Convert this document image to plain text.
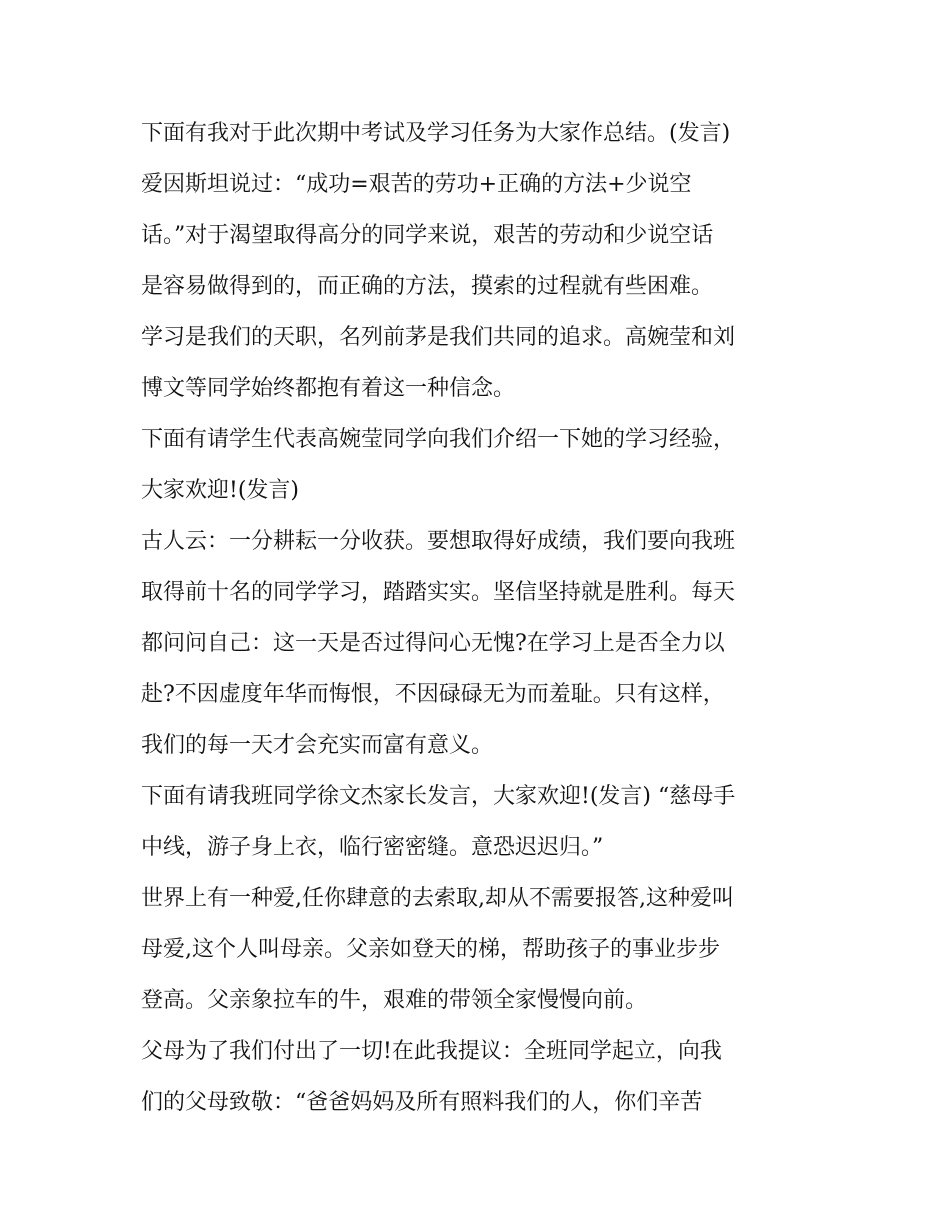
下面有我对于此次期中考试及学习任务为大家作总结。(发言)
爱因斯坦说过：“成功=艰苦的劳功+正确的方法+少说空
话。”对于渴望取得高分的同学来说，艰苦的劳动和少说空话
是容易做得到的，而正确的方法，摸索的过程就有些困难。
学习是我们的天职，名列前茅是我们共同的追求。高婉莹和刘
博文等同学始终都抱有着这一种信念。
下面有请学生代表高婉莹同学向我们介绍一下她的学习经验，
大家欢迎!(发言)
古人云：一分耕耘一分收获。要想取得好成绩，我们要向我班
取得前十名的同学学习，踏踏实实。坚信坚持就是胜利。每天
都问问自己：这一天是否过得问心无愧?在学习上是否全力以
赴?不因虚度年华而悔恨，不因碌碌无为而羞耻。只有这样，
我们的每一天才会充实而富有意义。
下面有请我班同学徐文杰家长发言，大家欢迎!(发言) “慈母手
中线，游子身上衣，临行密密缝。意恐迟迟归。”
世界上有一种爱,任你肆意的去索取,却从不需要报答,这种爱叫
母爱,这个人叫母亲。父亲如登天的梯，帮助孩子的事业步步
登高。父亲象拉车的牛，艰难的带领全家慢慢向前。
父母为了我们付出了一切!在此我提议：全班同学起立，向我
们的父母致敬：“爸爸妈妈及所有照料我们的人，你们辛苦
